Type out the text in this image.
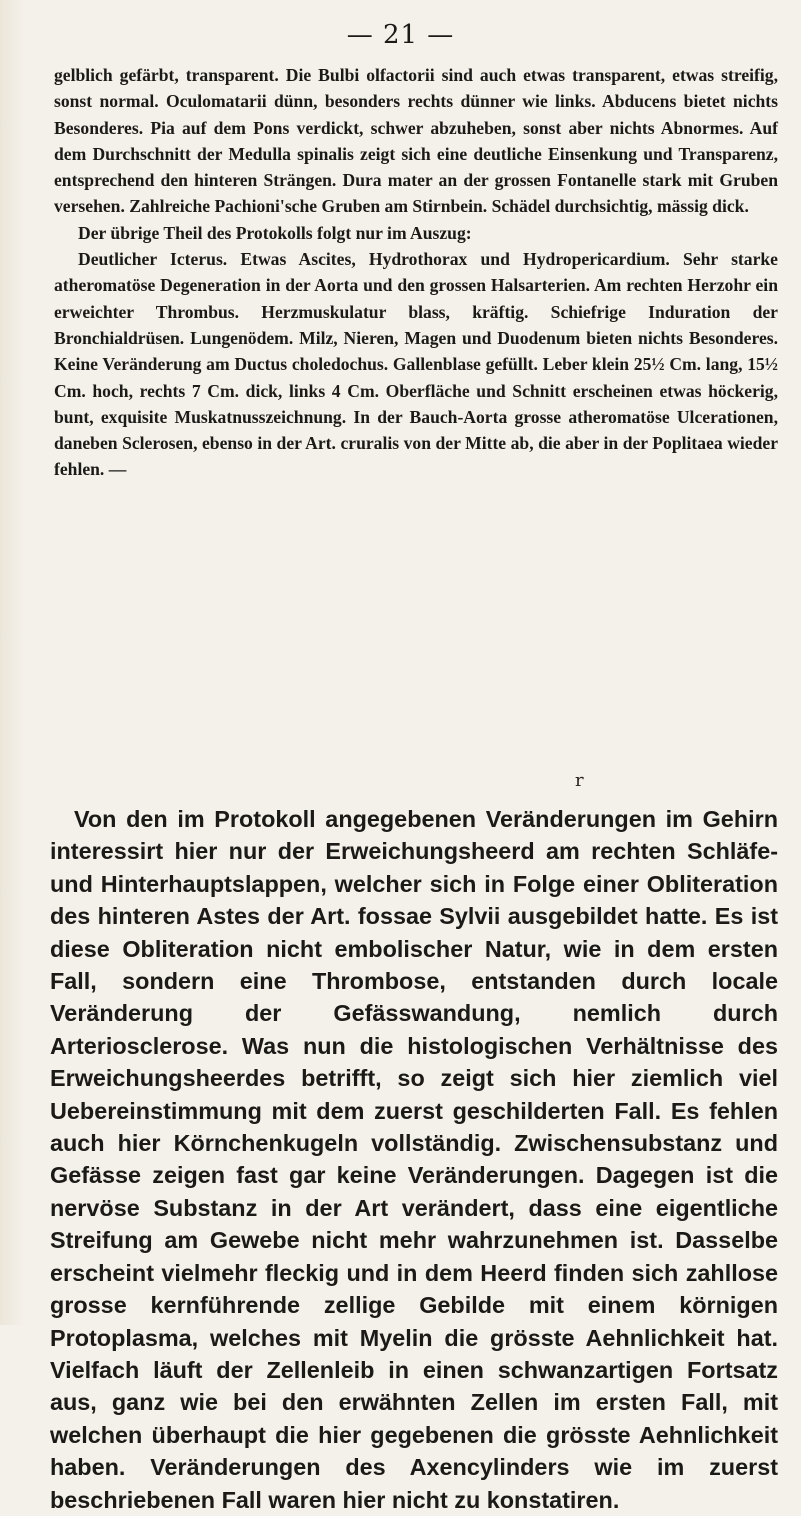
— 21 —

gelblich gefärbt, transparent. Die Bulbi olfactorii sind auch etwas transparent, etwas streifig, sonst normal. Oculomatarii dünn, besonders rechts dünner wie links. Abducens bietet nichts Besonderes. Pia auf dem Pons verdickt, schwer abzuheben, sonst aber nichts Abnormes. Auf dem Durchschnitt der Medulla spinalis zeigt sich eine deutliche Einsenkung und Transparenz, entsprechend den hinteren Strängen. Dura mater an der grossen Fontanelle stark mit Gruben versehen. Zahlreiche Pachioni'sche Gruben am Stirnbein. Schädel durchsichtig, mässig dick.

Der übrige Theil des Protokolls folgt nur im Auszug:

Deutlicher Icterus. Etwas Ascites, Hydrothorax und Hydropericardium. Sehr starke atheromatöse Degeneration in der Aorta und den grossen Halsarterien. Am rechten Herzohr ein erweichter Thrombus. Herzmuskulatur blass, kräftig. Schiefrige Induration der Bronchialdrüsen. Lungenödem. Milz, Nieren, Magen und Duodenum bieten nichts Besonderes. Keine Veränderung am Ductus choledochus. Gallenblase gefüllt. Leber klein 25½ Cm. lang, 15½ Cm. hoch, rechts 7 Cm. dick, links 4 Cm. Oberfläche und Schnitt erscheinen etwas höckerig, bunt, exquisite Muskatnusszeichnung. In der Bauch-Aorta grosse atheromatöse Ulcerationen, daneben Sclerosen, ebenso in der Art. cruralis von der Mitte ab, die aber in der Poplitaea wieder fehlen. —

r

Von den im Protokoll angegebenen Veränderungen im Gehirn interessirt hier nur der Erweichungsheerd am rechten Schläfe- und Hinterhauptslappen, welcher sich in Folge einer Obliteration des hinteren Astes der Art. fossae Sylvii ausgebildet hatte. Es ist diese Obliteration nicht embolischer Natur, wie in dem ersten Fall, sondern eine Thrombose, entstanden durch locale Veränderung der Gefässwandung, nemlich durch Arteriosclerose. Was nun die histologischen Verhältnisse des Erweichungsheerdes betrifft, so zeigt sich hier ziemlich viel Uebereinstimmung mit dem zuerst geschilderten Fall. Es fehlen auch hier Körnchenkugeln vollständig. Zwischensubstanz und Gefässe zeigen fast gar keine Veränderungen. Dagegen ist die nervöse Substanz in der Art verändert, dass eine eigentliche Streifung am Gewebe nicht mehr wahrzunehmen ist. Dasselbe erscheint vielmehr fleckig und in dem Heerd finden sich zahllose grosse kernführende zellige Gebilde mit einem körnigen Protoplasma, welches mit Myelin die grösste Aehnlichkeit hat. Vielfach läuft der Zellenleib in einen schwanzartigen Fortsatz aus, ganz wie bei den erwähnten Zellen im ersten Fall, mit welchen überhaupt die hier gegebenen die grösste Aehnlichkeit haben. Veränderungen des Axencylinders wie im zuerst beschriebenen Fall waren hier nicht zu konstatiren.
